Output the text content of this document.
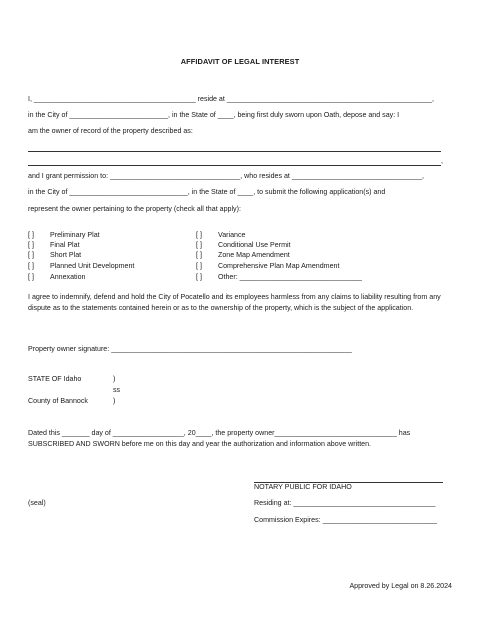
AFFIDAVIT OF LEGAL INTEREST
I, _________________________________________ reside at ____________________________________________________,
in the City of _________________________, in the State of ____, being first duly sworn upon Oath, depose and say: I
am the owner of record of the property described as:
,
and I grant permission to: _________________________________, who resides at _________________________________,
in the City of ______________________________, in the State of ____, to submit the following application(s) and
represent the owner pertaining to the property (check all that apply):
[ ] Preliminary Plat
[ ] Final Plat
[ ] Short Plat
[ ] Planned Unit Development
[ ] Annexation
[ ] Variance
[ ] Conditional Use Permit
[ ] Zone Map Amendment
[ ] Comprehensive Plan Map Amendment
[ ] Other: _______________________________
I agree to indemnify, defend and hold the City of Pocatello and its employees harmless from any claims to liability resulting from any dispute as to the statements contained herein or as to the ownership of the property, which is the subject of the application.
Property owner signature: _____________________________________________________________
STATE OF Idaho	)
ss
County of Bannock	)
Dated this _______ day of __________________, 20____, the property owner_______________________________ has
SUBSCRIBED AND SWORN before me on this day and year the authorization and information above written.
NOTARY PUBLIC FOR IDAHO
(seal)	Residing at: ____________________________________
Commission Expires: _____________________________
Approved by Legal on 8.26.2024
